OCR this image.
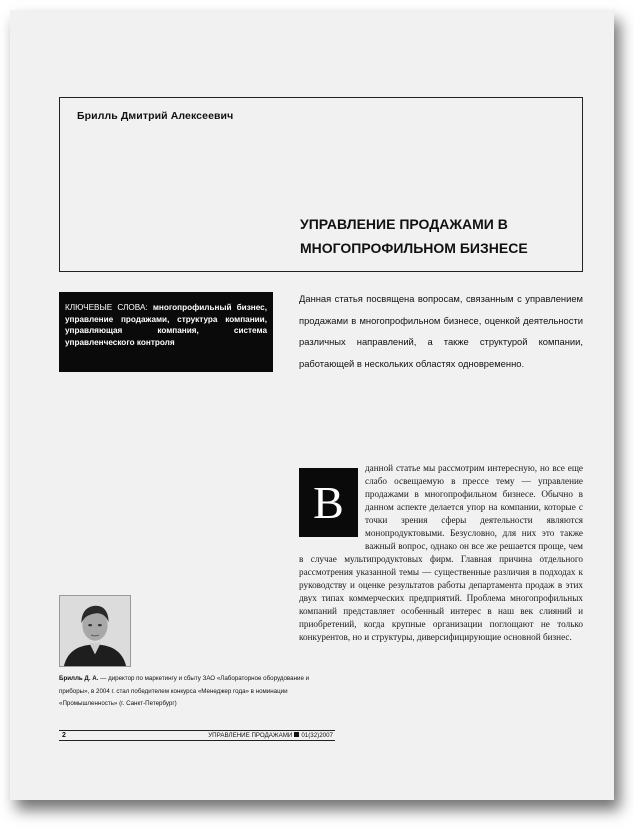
Брилль Дмитрий Алексеевич
УПРАВЛЕНИЕ ПРОДАЖАМИ В
МНОГОПРОФИЛЬНОМ БИЗНЕСЕ
КЛЮЧЕВЫЕ СЛОВА: многопрофильный бизнес, управление продажами, структура компании, управляющая компания, система управленческого контроля
Данная статья посвящена вопросам, связанным с управлением продажами в многопрофильном бизнесе, оценкой деятельности различных направлений, а также структурой компании, работающей в нескольких областях одновременно.
данной статье мы рассмотрим интересную, но все еще слабо освещаемую в прессе тему — управление продажами в многопрофильном бизнесе. Обычно в данном аспекте делается упор на компании, которые с точки зрения сферы деятельности являются монопродуктовыми. Безусловно, для них это также важный вопрос, однако он все же решается проще, чем в случае мультипродуктовых фирм. Главная причина отдельного рассмотрения указанной темы — существенные различия в подходах к руководству и оценке результатов работы департамента продаж в этих двух типах коммерческих предприятий. Проблема многопрофильных компаний представляет особенный интерес в наш век слияний и приобретений, когда крупные организации поглощают не только конкурентов, но и структуры, диверсифицирующие основной бизнес.
В
Брилль Д. А. — директор по маркетингу и сбыту ЗАО «Лабораторное оборудование и приборы», в 2004 г. стал победителем конкурса «Менеджер года» в номинации «Промышленность» (г. Санкт-Петербург)
2	УПРАВЛЕНИЕ ПРОДАЖАМИ 01(32)2007
